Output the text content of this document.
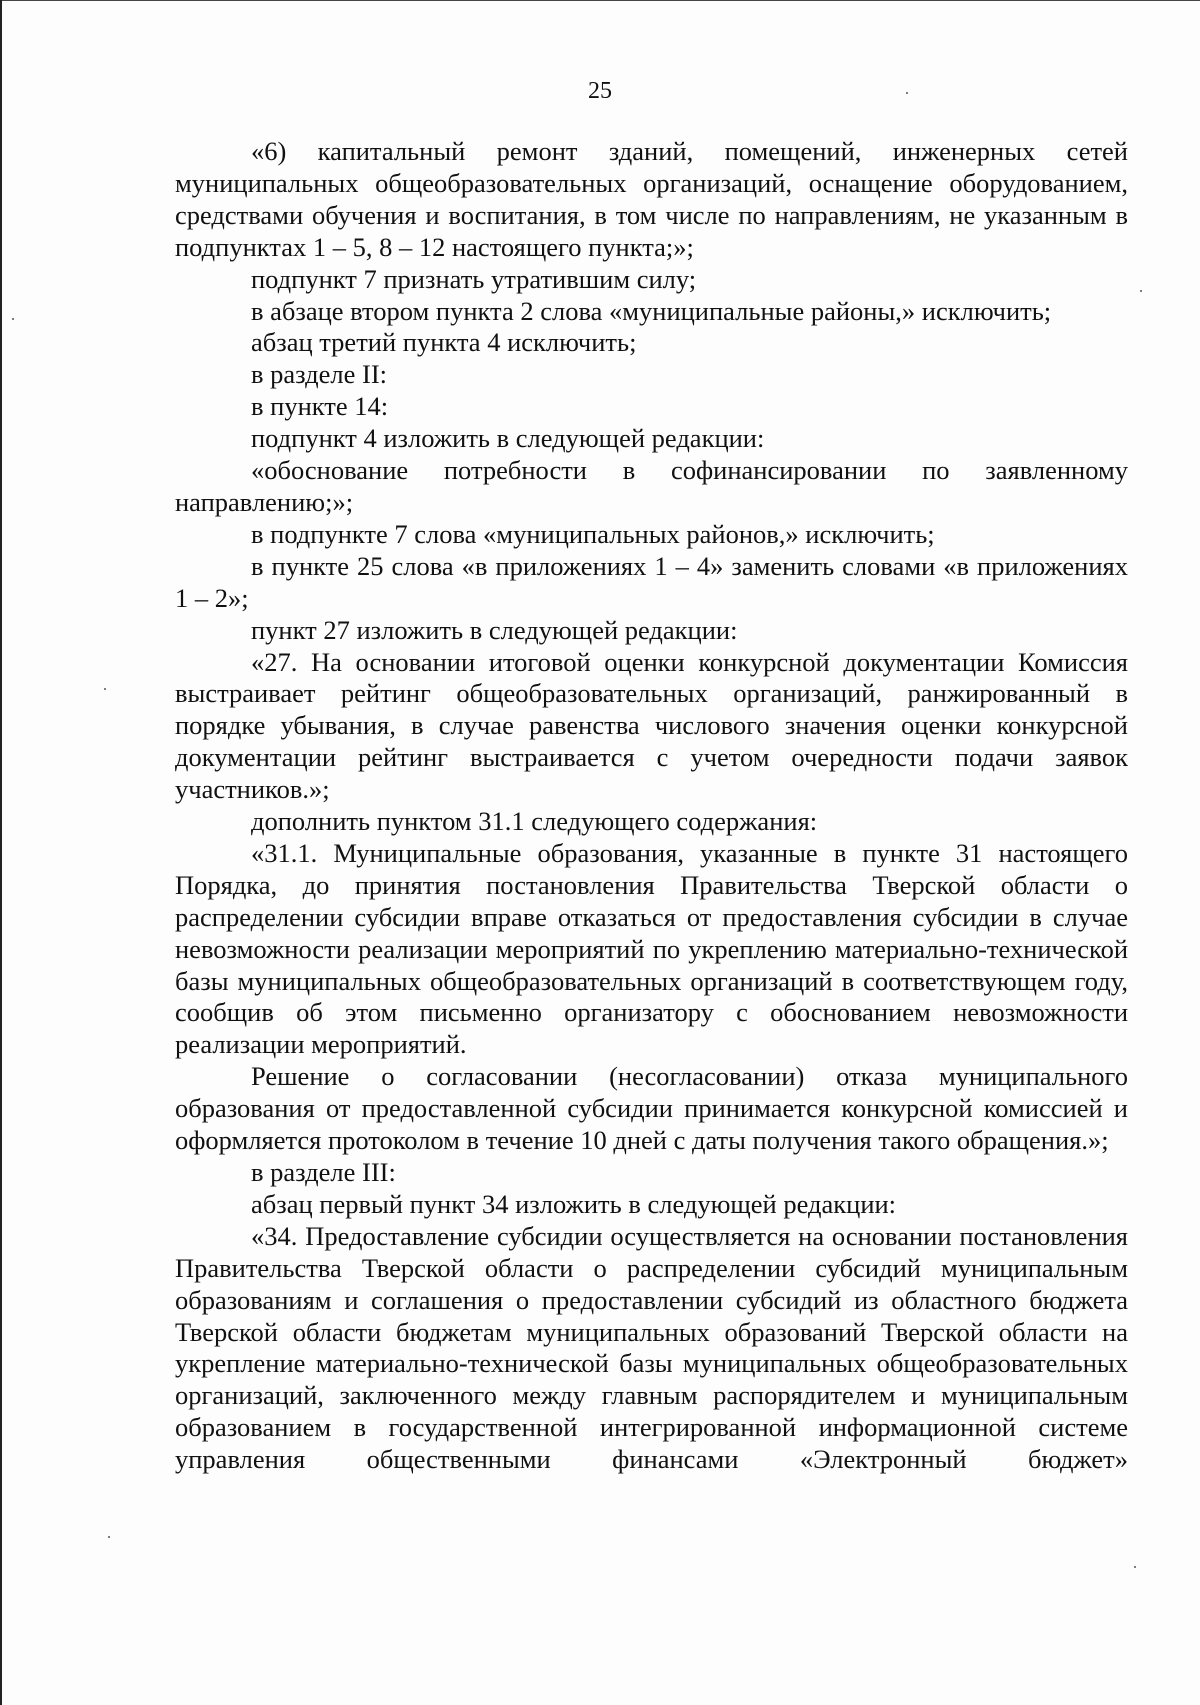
25

«6) капитальный ремонт зданий, помещений, инженерных сетей муниципальных общеобразовательных организаций, оснащение оборудованием, средствами обучения и воспитания, в том числе по направлениям, не указанным в подпунктах 1 – 5, 8 – 12 настоящего пункта;»;

подпункт 7 признать утратившим силу;

в абзаце втором пункта 2 слова «муниципальные районы,» исключить;

абзац третий пункта 4 исключить;

в разделе II:

в пункте 14:

подпункт 4 изложить в следующей редакции:

«обоснование потребности в софинансировании по заявленному направлению;»;

в подпункте 7 слова «муниципальных районов,» исключить;

в пункте 25 слова «в приложениях 1 – 4» заменить словами «в приложениях 1 – 2»;

пункт 27 изложить в следующей редакции:

«27. На основании итоговой оценки конкурсной документации Комиссия выстраивает рейтинг общеобразовательных организаций, ранжированный в порядке убывания, в случае равенства числового значения оценки конкурсной документации рейтинг выстраивается с учетом очередности подачи заявок участников.»;

дополнить пунктом 31.1 следующего содержания:

«31.1. Муниципальные образования, указанные в пункте 31 настоящего Порядка, до принятия постановления Правительства Тверской области о распределении субсидии вправе отказаться от предоставления субсидии в случае невозможности реализации мероприятий по укреплению материально-технической базы муниципальных общеобразовательных организаций в соответствующем году, сообщив об этом письменно организатору с обоснованием невозможности реализации мероприятий.

Решение о согласовании (несогласовании) отказа муниципального образования от предоставленной субсидии принимается конкурсной комиссией и оформляется протоколом в течение 10 дней с даты получения такого обращения.»;

в разделе III:

абзац первый пункт 34 изложить в следующей редакции:

«34. Предоставление субсидии осуществляется на основании постановления Правительства Тверской области о распределении субсидий муниципальным образованиям и соглашения о предоставлении субсидий из областного бюджета Тверской области бюджетам муниципальных образований Тверской области на укрепление материально-технической базы муниципальных общеобразовательных организаций, заключенного между главным распорядителем и муниципальным образованием в государственной интегрированной информационной системе управления общественными финансами «Электронный бюджет»
